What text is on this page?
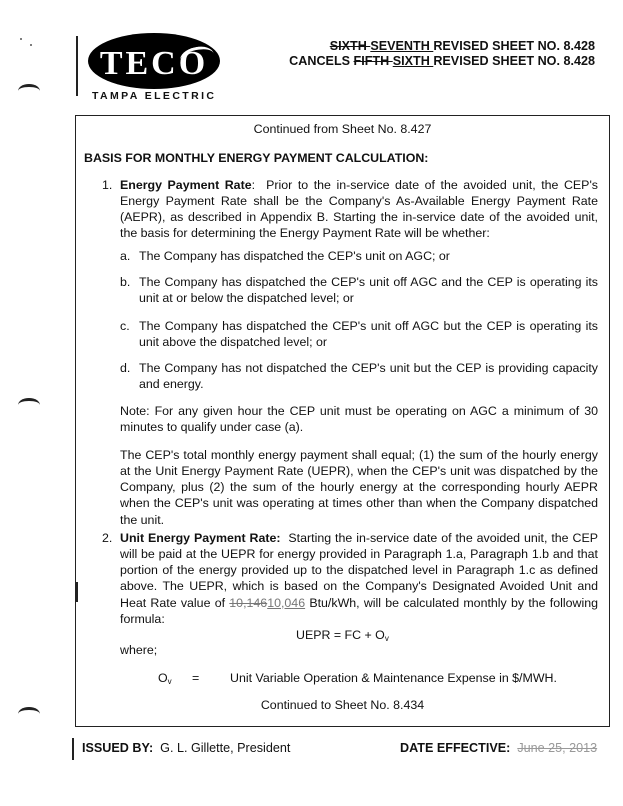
TECO
TAMPA ELECTRIC
SIXTH SEVENTH REVISED SHEET NO. 8.428
CANCELS FIFTH SIXTH REVISED SHEET NO. 8.428
Continued from Sheet No. 8.427
BASIS FOR MONTHLY ENERGY PAYMENT CALCULATION:
1. Energy Payment Rate:  Prior to the in-service date of the avoided unit, the CEP's Energy Payment Rate shall be the Company's As-Available Energy Payment Rate (AEPR), as described in Appendix B. Starting the in-service date of the avoided unit, the basis for determining the Energy Payment Rate will be whether:
a. The Company has dispatched the CEP's unit on AGC; or
b. The Company has dispatched the CEP's unit off AGC and the CEP is operating its unit at or below the dispatched level; or
c. The Company has dispatched the CEP's unit off AGC but the CEP is operating its unit above the dispatched level; or
d. The Company has not dispatched the CEP's unit but the CEP is providing capacity and energy.
Note: For any given hour the CEP unit must be operating on AGC a minimum of 30 minutes to qualify under case (a).
The CEP's total monthly energy payment shall equal; (1) the sum of the hourly energy at the Unit Energy Payment Rate (UEPR), when the CEP's unit was dispatched by the Company, plus (2) the sum of the hourly energy at the corresponding hourly AEPR when the CEP's unit was operating at times other than when the Company dispatched the unit.
2. Unit Energy Payment Rate: Starting the in-service date of the avoided unit, the CEP will be paid at the UEPR for energy provided in Paragraph 1.a, Paragraph 1.b and that portion of the energy provided up to the dispatched level in Paragraph 1.c as defined above. The UEPR, which is based on the Company's Designated Avoided Unit and Heat Rate value of 10,14610,046 Btu/kWh, will be calculated monthly by the following formula:
UEPR = FC + $O_v$
where;
$O_v$ = Unit Variable Operation & Maintenance Expense in $/MWH.
Continued to Sheet No. 8.434
ISSUED BY: G. L. Gillette, President	DATE EFFECTIVE: June 25, 2013
